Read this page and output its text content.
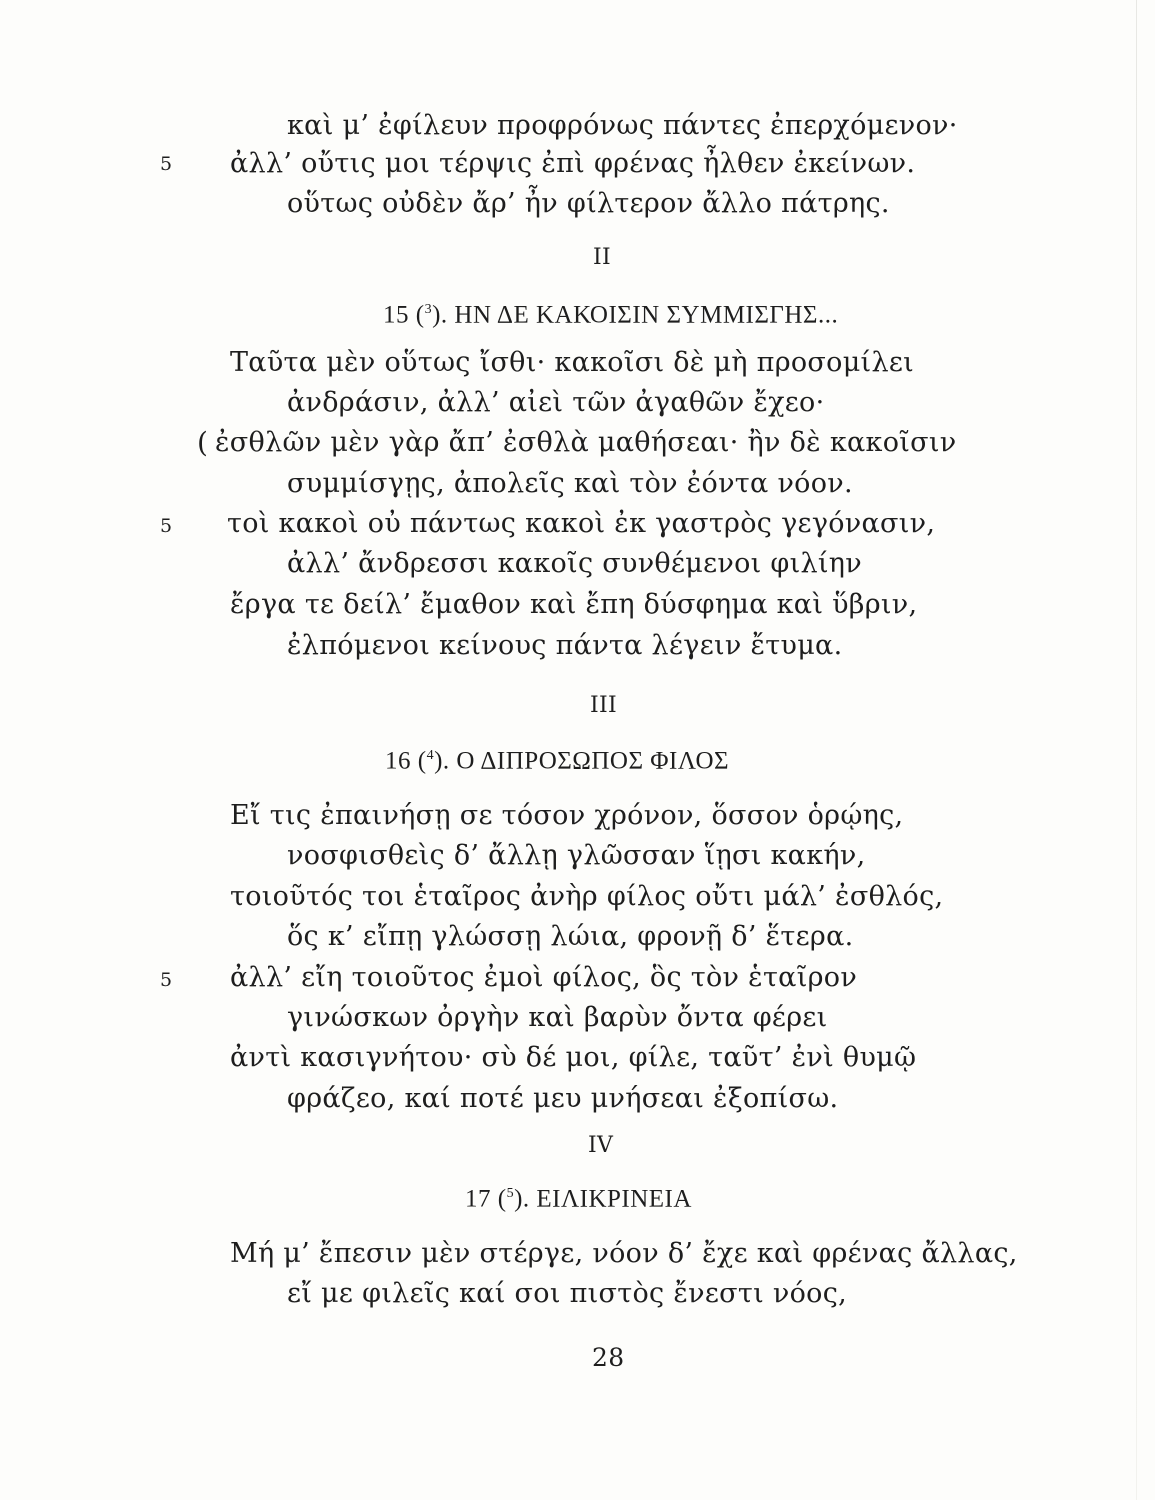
καὶ μ’ ἐφίλευν προφρόνως πάντες ἐπερχόμενον·
5 ἀλλ’ οὔτις μοι τέρψις ἐπὶ φρένας ἦλθεν ἐκείνων.
οὕτως οὐδὲν ἄρ’ ἦν φίλτερον ἄλλο πάτρης.
II
15 ($^3$). ΗΝ ΔΕ ΚΑΚΟΙΣΙΝ ΣΥΜΜΙΣΓΗΣ...
Ταῦτα μὲν οὕτως ἴσθι· κακοῖσι δὲ μὴ προσομίλει
ἀνδράσιν, ἀλλ’ αἰεὶ τῶν ἀγαθῶν ἔχεο·
( ἐσθλῶν μὲν γὰρ ἄπ’ ἐσθλὰ μαθήσεαι· ἢν δὲ κακοῖσιν
συμμίσγῃς, ἀπολεῖς καὶ τὸν ἐόντα νόον.
5 τοὶ κακοὶ οὐ πάντως κακοὶ ἐκ γαστρὸς γεγόνασιν,
ἀλλ’ ἄνδρεσσι κακοῖς συνθέμενοι φιλίην
ἔργα τε δείλ’ ἔμαθον καὶ ἔπη δύσφημα καὶ ὕβριν,
ἐλπόμενοι κείνους πάντα λέγειν ἔτυμα.
III
16 ($^4$). Ο ΔΙΠΡΟΣΩΠΟΣ ΦΙΛΟΣ
Εἴ τις ἐπαινήσῃ σε τόσον χρόνον, ὅσσον ὁρῴης,
νοσφισθεὶς δ’ ἄλλῃ γλῶσσαν ἵῃσι κακήν,
τοιοῦτός τοι ἑταῖρος ἀνὴρ φίλος οὔτι μάλ’ ἐσθλός,
ὅς κ’ εἴπῃ γλώσσῃ λώια, φρονῇ δ’ ἕτερα.
5 ἀλλ’ εἴη τοιοῦτος ἐμοὶ φίλος, ὃς τὸν ἑταῖρον
γινώσκων ὀργὴν καὶ βαρὺν ὄντα φέρει
ἀντὶ κασιγνήτου· σὺ δέ μοι, φίλε, ταῦτ’ ἐνὶ θυμῷ
φράζεο, καί ποτέ μευ μνήσεαι ἐξοπίσω.
IV
17 ($^5$). ΕΙΛΙΚΡΙΝΕΙΑ
Μή μ’ ἔπεσιν μὲν στέργε, νόον δ’ ἔχε καὶ φρένας ἄλλας,
εἴ με φιλεῖς καί σοι πιστὸς ἔνεστι νόος,
28
